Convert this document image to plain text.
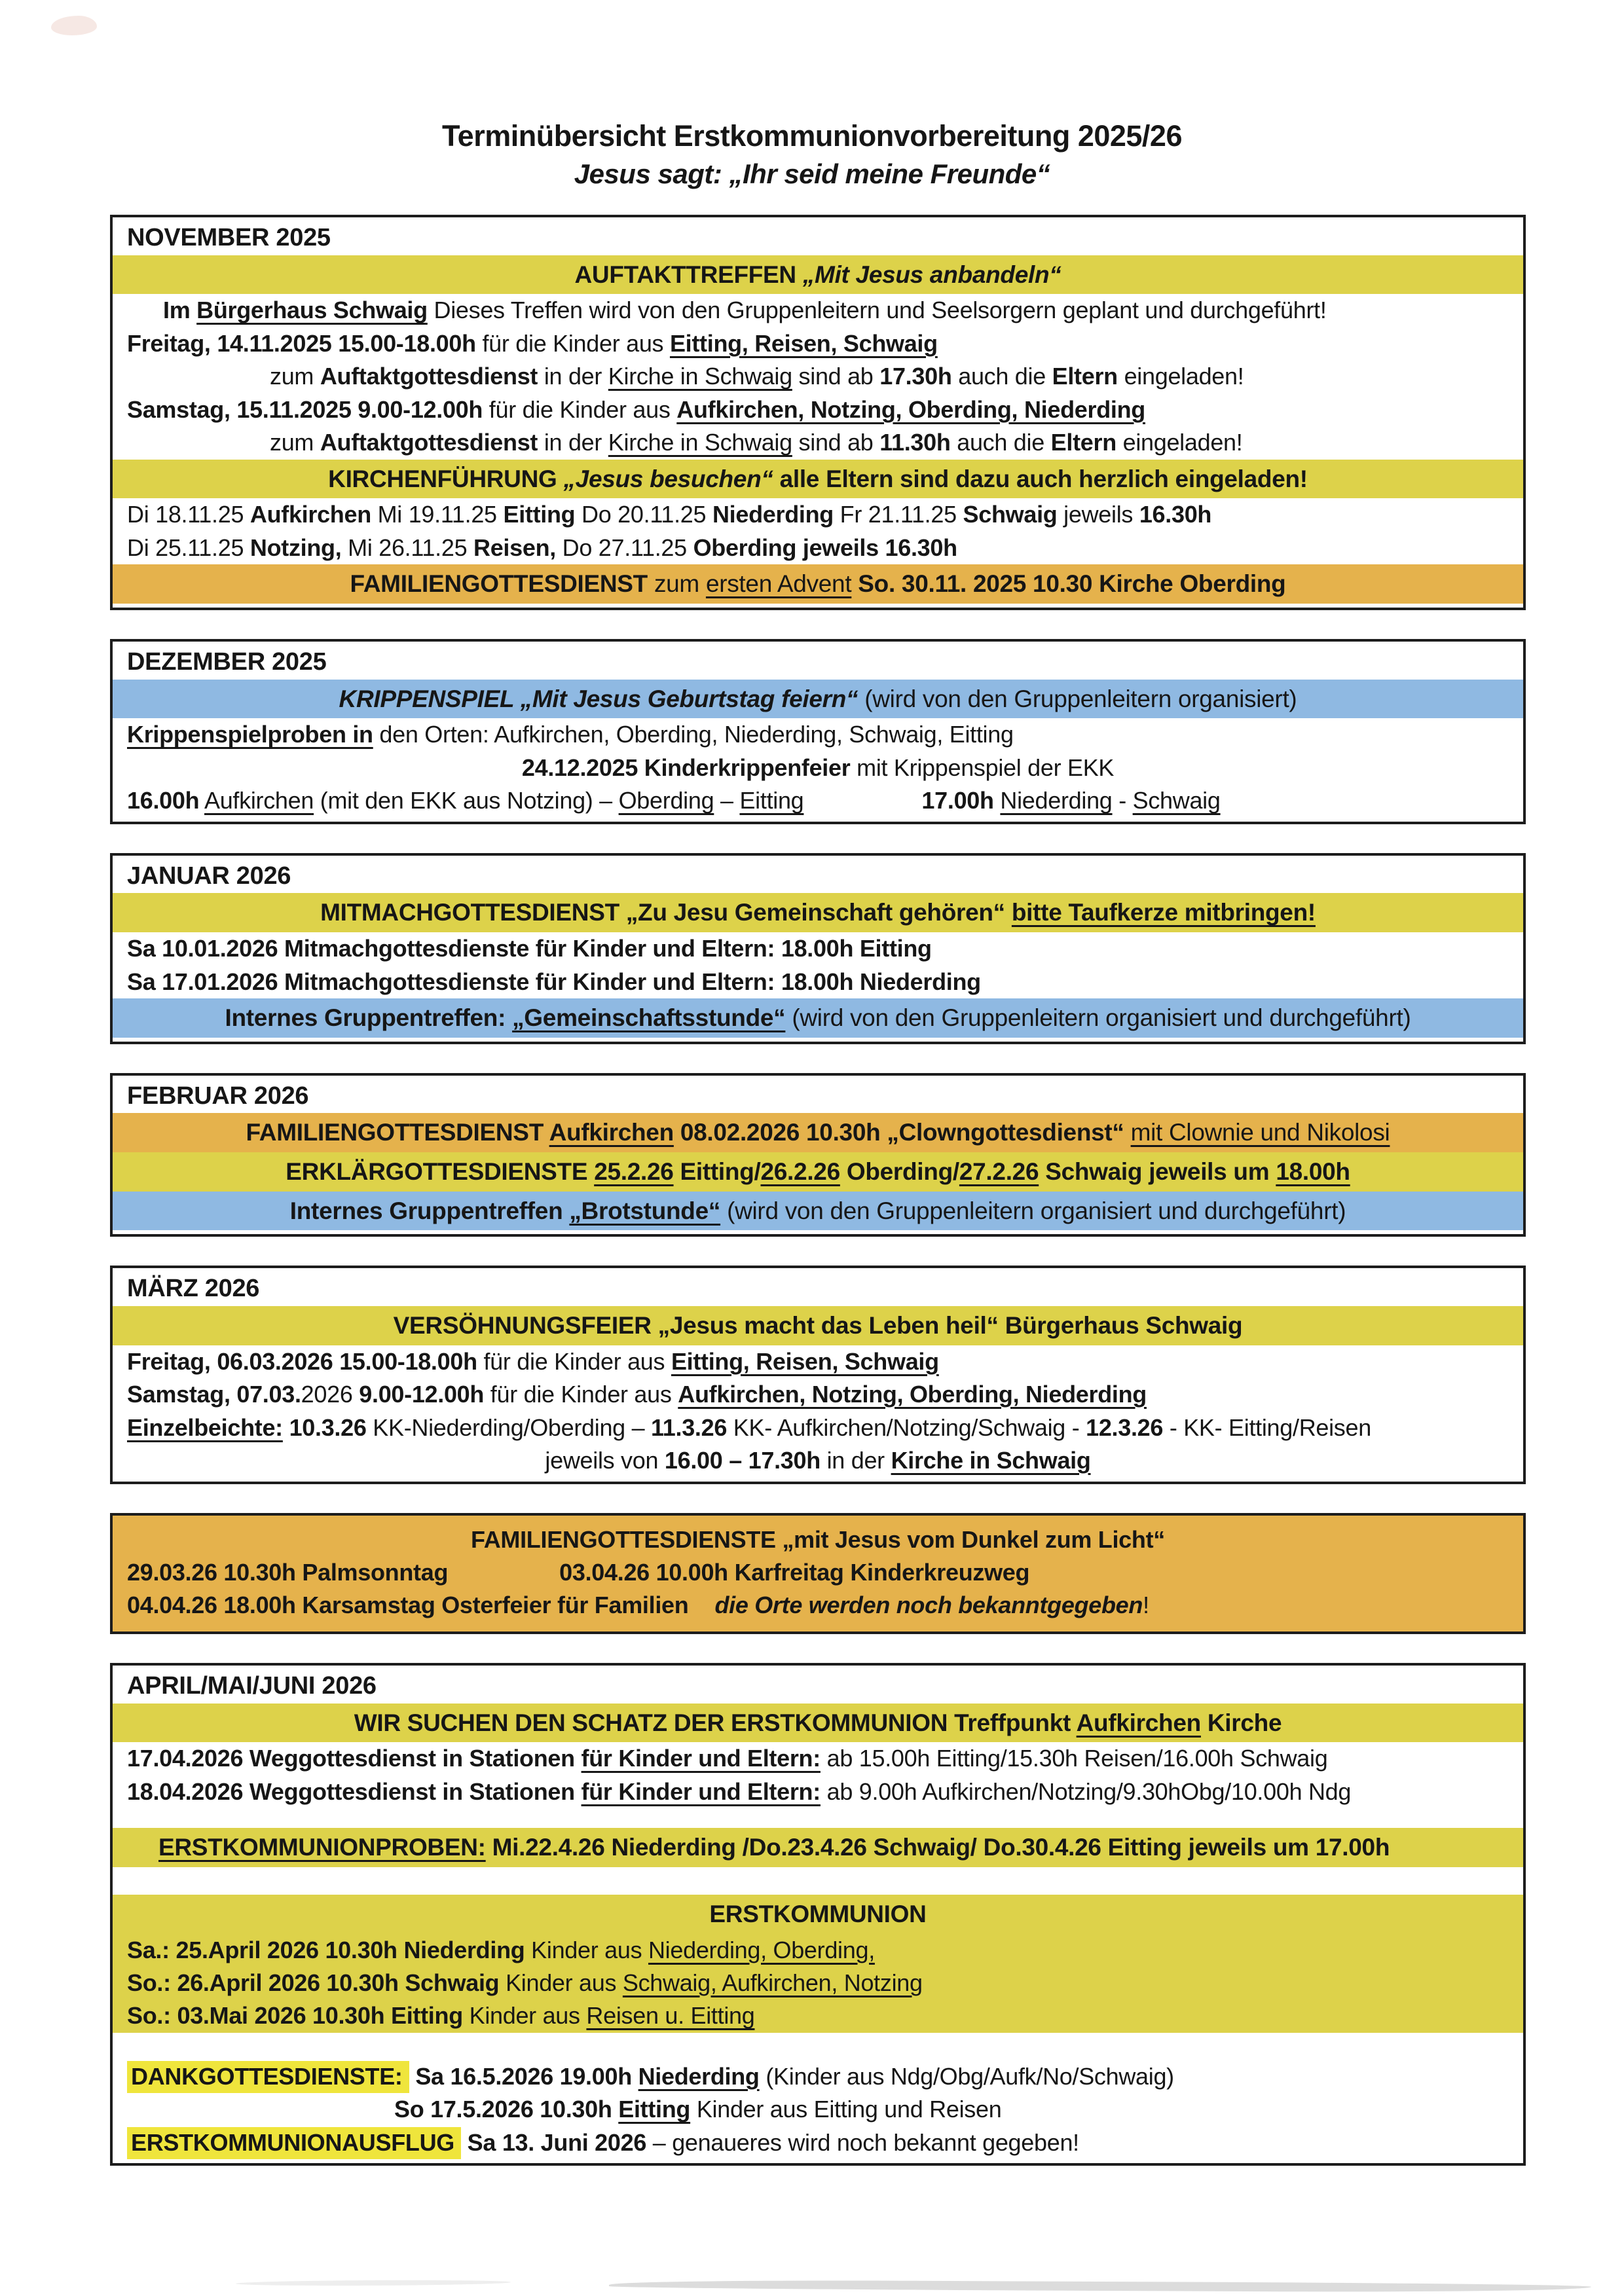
Terminübersicht Erstkommunionvorbereitung 2025/26
Jesus sagt: „Ihr seid meine Freunde“
NOVEMBER 2025
AUFTAKTTREFFEN „Mit Jesus anbandeln“
Im Bürgerhaus Schwaig Dieses Treffen wird von den Gruppenleitern und Seelsorgern geplant und durchgeführt!
Freitag, 14.11.2025 15.00-18.00h für die Kinder aus Eitting, Reisen, Schwaig
zum Auftaktgottesdienst in der Kirche in Schwaig sind ab 17.30h auch die Eltern eingeladen!
Samstag, 15.11.2025 9.00-12.00h für die Kinder aus Aufkirchen, Notzing, Oberding, Niederding
zum Auftaktgottesdienst in der Kirche in Schwaig sind ab 11.30h auch die Eltern eingeladen!
KIRCHENFÜHRUNG „Jesus besuchen“ alle Eltern sind dazu auch herzlich eingeladen!
Di 18.11.25 Aufkirchen Mi 19.11.25 Eitting Do 20.11.25 Niederding Fr 21.11.25 Schwaig jeweils 16.30h
Di 25.11.25 Notzing, Mi 26.11.25 Reisen, Do 27.11.25 Oberding jeweils 16.30h
FAMILIENGOTTESDIENST zum ersten Advent So. 30.11. 2025 10.30 Kirche Oberding
DEZEMBER 2025
KRIPPENSPIEL „Mit Jesus Geburtstag feiern“ (wird von den Gruppenleitern organisiert)
Krippenspielproben in den Orten: Aufkirchen, Oberding, Niederding, Schwaig, Eitting
24.12.2025 Kinderkrippenfeier mit Krippenspiel der EKK
16.00h Aufkirchen (mit den EKK aus Notzing) – Oberding – Eitting	17.00h Niederding - Schwaig
JANUAR 2026
MITMACHGOTTESDIENST „Zu Jesu Gemeinschaft gehören“ bitte Taufkerze mitbringen!
Sa 10.01.2026 Mitmachgottesdienste für Kinder und Eltern: 18.00h Eitting
Sa 17.01.2026 Mitmachgottesdienste für Kinder und Eltern: 18.00h Niederding
Internes Gruppentreffen: „Gemeinschaftsstunde“ (wird von den Gruppenleitern organisiert und durchgeführt)
FEBRUAR 2026
FAMILIENGOTTESDIENST Aufkirchen 08.02.2026 10.30h „Clowngottesdienst“ mit Clownie und Nikolosi
ERKLÄRGOTTESDIENSTE 25.2.26 Eitting/26.2.26 Oberding/27.2.26 Schwaig jeweils um 18.00h
Internes Gruppentreffen „Brotstunde“ (wird von den Gruppenleitern organisiert und durchgeführt)
MÄRZ 2026
VERSÖHNUNGSFEIER „Jesus macht das Leben heil“ Bürgerhaus Schwaig
Freitag, 06.03.2026 15.00-18.00h für die Kinder aus Eitting, Reisen, Schwaig
Samstag, 07.03.2026 9.00-12.00h für die Kinder aus Aufkirchen, Notzing, Oberding, Niederding
Einzelbeichte: 10.3.26 KK-Niederding/Oberding – 11.3.26 KK- Aufkirchen/Notzing/Schwaig - 12.3.26 - KK- Eitting/Reisen
jeweils von 16.00 – 17.30h in der Kirche in Schwaig
FAMILIENGOTTESDIENSTE „mit Jesus vom Dunkel zum Licht“
29.03.26 10.30h Palmsonntag	03.04.26 10.00h Karfreitag Kinderkreuzweg
04.04.26 18.00h Karsamstag Osterfeier für Familien die Orte werden noch bekanntgegeben!
APRIL/MAI/JUNI 2026
WIR SUCHEN DEN SCHATZ DER ERSTKOMMUNION Treffpunkt Aufkirchen Kirche
17.04.2026 Weggottesdienst in Stationen für Kinder und Eltern: ab 15.00h Eitting/15.30h Reisen/16.00h Schwaig
18.04.2026 Weggottesdienst in Stationen für Kinder und Eltern: ab 9.00h Aufkirchen/Notzing/9.30hObg/10.00h Ndg
ERSTKOMMUNIONPROBEN: Mi.22.4.26 Niederding /Do.23.4.26 Schwaig/ Do.30.4.26 Eitting jeweils um 17.00h
ERSTKOMMUNION
Sa.: 25.April 2026 10.30h Niederding Kinder aus Niederding, Oberding,
So.: 26.April 2026 10.30h Schwaig Kinder aus Schwaig, Aufkirchen, Notzing
So.: 03.Mai 2026 10.30h Eitting Kinder aus Reisen u. Eitting
DANKGOTTESDIENSTE: Sa 16.5.2026 19.00h Niederding (Kinder aus Ndg/Obg/Aufk/No/Schwaig)
So 17.5.2026 10.30h Eitting Kinder aus Eitting und Reisen
ERSTKOMMUNIONAUSFLUG Sa 13. Juni 2026 – genaueres wird noch bekannt gegeben!
